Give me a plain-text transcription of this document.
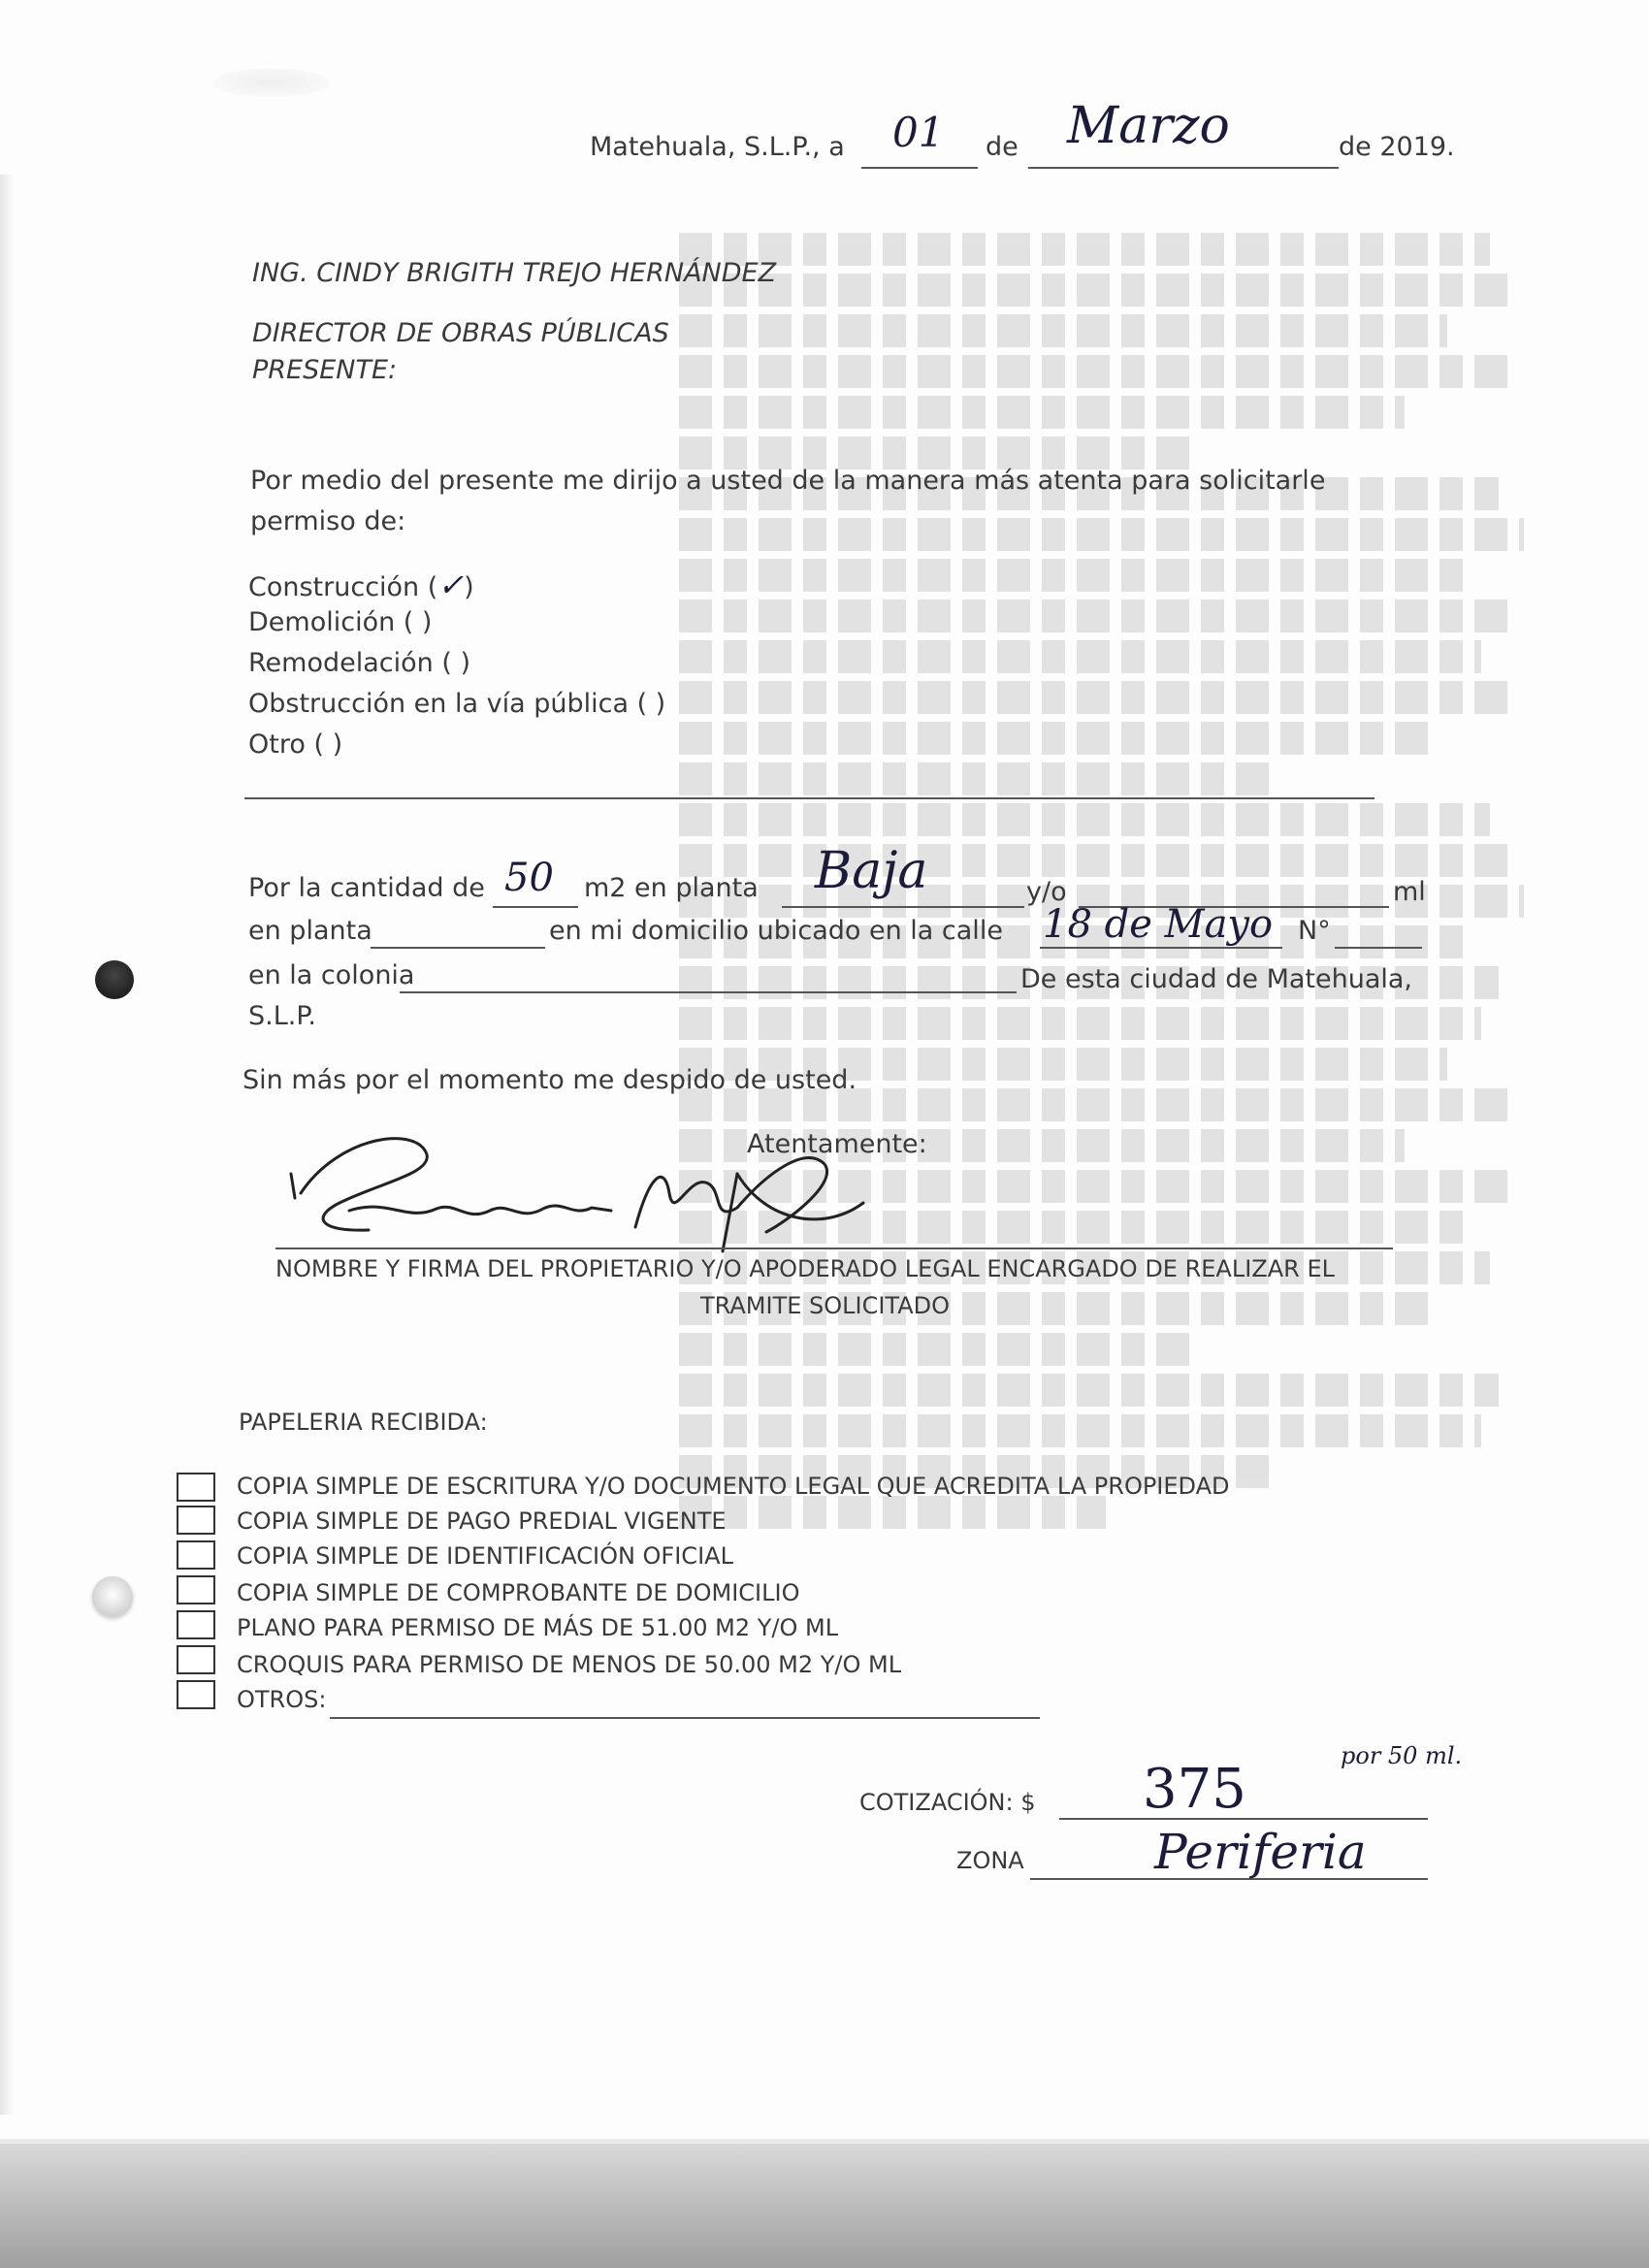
Matehuala, S.L.P., a 01 de Marzo	de 2019.
ING. CINDY BRIGITH TREJO HERNÁNDEZ
DIRECTOR DE OBRAS PÚBLICAS
PRESENTE:
Por medio del presente me dirijo a usted de la manera más atenta para solicitarle
permiso de:
Construcción (✓)
Demolición ( )
Remodelación ( )
Obstrucción en la vía pública ( )
Otro ( )
Por la cantidad de 50 m2 en planta Baja	y/o	ml
en planta	en mi domicilio ubicado en la calle 18 de Mayo N°
en la colonia	De esta ciudad de Matehuala,
S.L.P.
Sin más por el momento me despido de usted.
Atentamente:
NOMBRE Y FIRMA DEL PROPIETARIO Y/O APODERADO LEGAL ENCARGADO DE REALIZAR EL
TRAMITE SOLICITADO
PAPELERIA RECIBIDA:
COPIA SIMPLE DE ESCRITURA Y/O DOCUMENTO LEGAL QUE ACREDITA LA PROPIEDAD
COPIA SIMPLE DE PAGO PREDIAL VIGENTE
COPIA SIMPLE DE IDENTIFICACIÓN OFICIAL
COPIA SIMPLE DE COMPROBANTE DE DOMICILIO
PLANO PARA PERMISO DE MÁS DE 51.00 M2 Y/O ML
CROQUIS PARA PERMISO DE MENOS DE 50.00 M2 Y/O ML
OTROS:
COTIZACIÓN: $ 375
por 50 ml.
ZONA	Periferia
